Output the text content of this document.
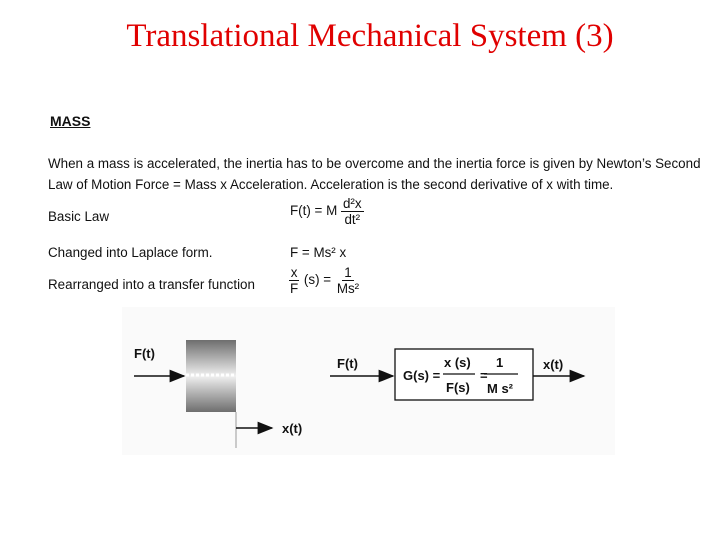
Translational Mechanical System (3)
MASS
When a mass is accelerated, the inertia has to be overcome and the inertia force is given by Newton’s Second
Law of Motion Force = Mass x Acceleration. Acceleration is the second derivative of x with time.
Basic Law	F(t) = M $\frac{\text{d²x}}{\text{dt²}}$
Changed into Laplace form.	F = Ms² x
Rearranged into a transfer function $\frac{x}{F} (s) = \frac{1}{\text{Ms²}}$
F(t)
x(t)
F(t)
G(s) =
x (s)
F(s)
=
1
M s²
x(t)
